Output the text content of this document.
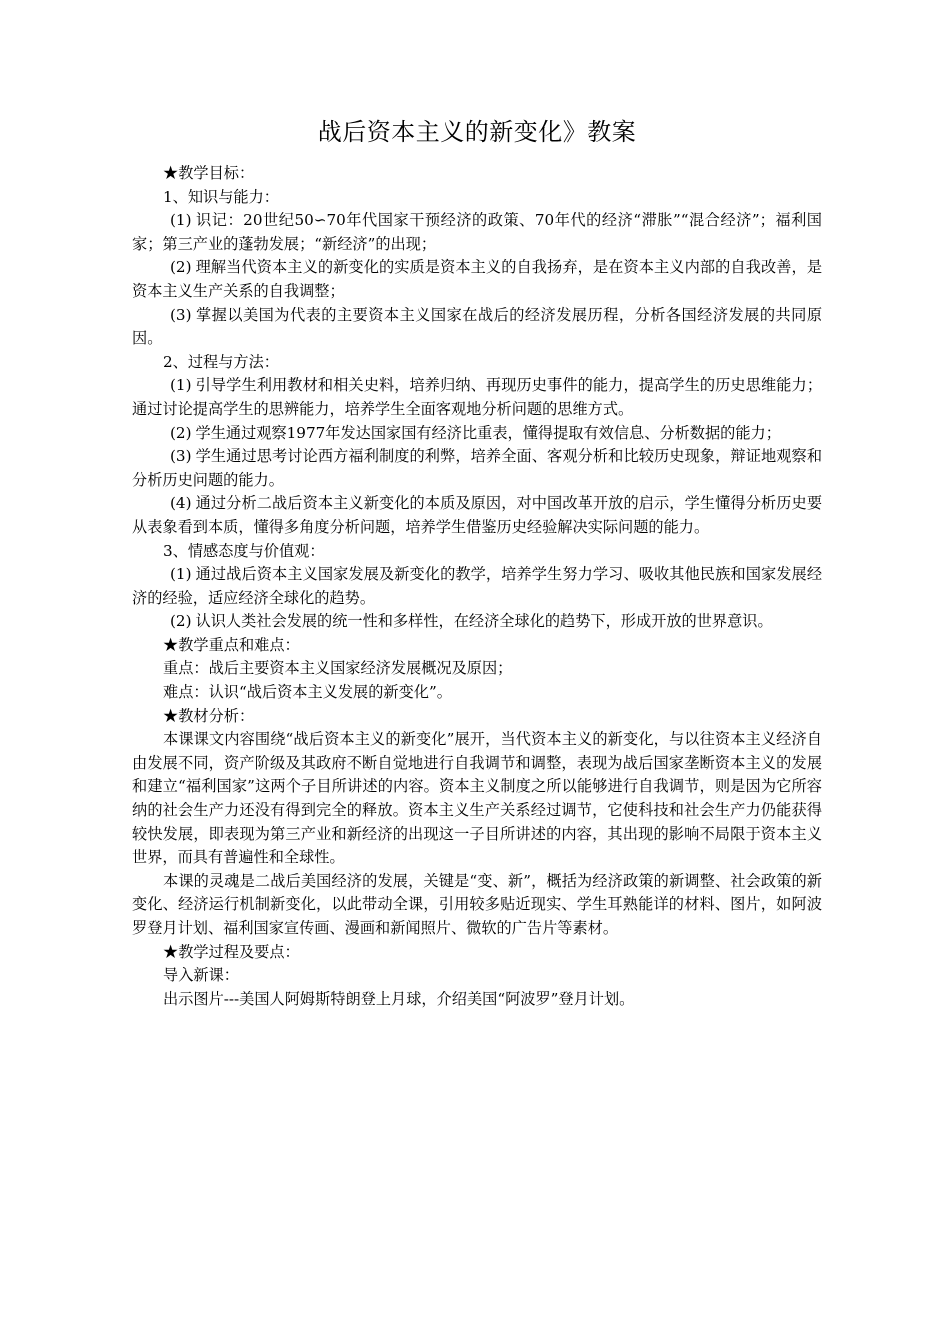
战后资本主义的新变化》教案

★教学目标：

1、知识与能力：

(1) 识记：20世纪50∽70年代国家干预经济的政策、70年代的经济“滞胀”“混合经济”；福利国家；第三产业的蓬勃发展；“新经济”的出现；

(2) 理解当代资本主义的新变化的实质是资本主义的自我扬弃，是在资本主义内部的自我改善，是资本主义生产关系的自我调整；

(3) 掌握以美国为代表的主要资本主义国家在战后的经济发展历程，分析各国经济发展的共同原因。

2、过程与方法：

(1) 引导学生利用教材和相关史料，培养归纳、再现历史事件的能力，提高学生的历史思维能力；通过讨论提高学生的思辨能力，培养学生全面客观地分析问题的思维方式。

(2) 学生通过观察1977年发达国家国有经济比重表，懂得提取有效信息、分析数据的能力；

(3) 学生通过思考讨论西方福利制度的利弊，培养全面、客观分析和比较历史现象，辩证地观察和分析历史问题的能力。

(4) 通过分析二战后资本主义新变化的本质及原因，对中国改革开放的启示，学生懂得分析历史要从表象看到本质，懂得多角度分析问题，培养学生借鉴历史经验解决实际问题的能力。

3、情感态度与价值观：

(1) 通过战后资本主义国家发展及新变化的教学，培养学生努力学习、吸收其他民族和国家发展经济的经验，适应经济全球化的趋势。

(2) 认识人类社会发展的统一性和多样性，在经济全球化的趋势下，形成开放的世界意识。

★教学重点和难点：

重点：战后主要资本主义国家经济发展概况及原因；

难点：认识“战后资本主义发展的新变化”。

★教材分析：

本课课文内容围绕“战后资本主义的新变化”展开，当代资本主义的新变化，与以往资本主义经济自由发展不同，资产阶级及其政府不断自觉地进行自我调节和调整，表现为战后国家垄断资本主义的发展和建立“福利国家”这两个子目所讲述的内容。资本主义制度之所以能够进行自我调节，则是因为它所容纳的社会生产力还没有得到完全的释放。资本主义生产关系经过调节，它使科技和社会生产力仍能获得较快发展，即表现为第三产业和新经济的出现这一子目所讲述的内容，其出现的影响不局限于资本主义世界，而具有普遍性和全球性。

本课的灵魂是二战后美国经济的发展，关键是“变、新”，概括为经济政策的新调整、社会政策的新变化、经济运行机制新变化，以此带动全课，引用较多贴近现实、学生耳熟能详的材料、图片，如阿波罗登月计划、福利国家宣传画、漫画和新闻照片、微软的广告片等素材。

★教学过程及要点：

导入新课：

出示图片---美国人阿姆斯特朗登上月球，介绍美国“阿波罗”登月计划。
